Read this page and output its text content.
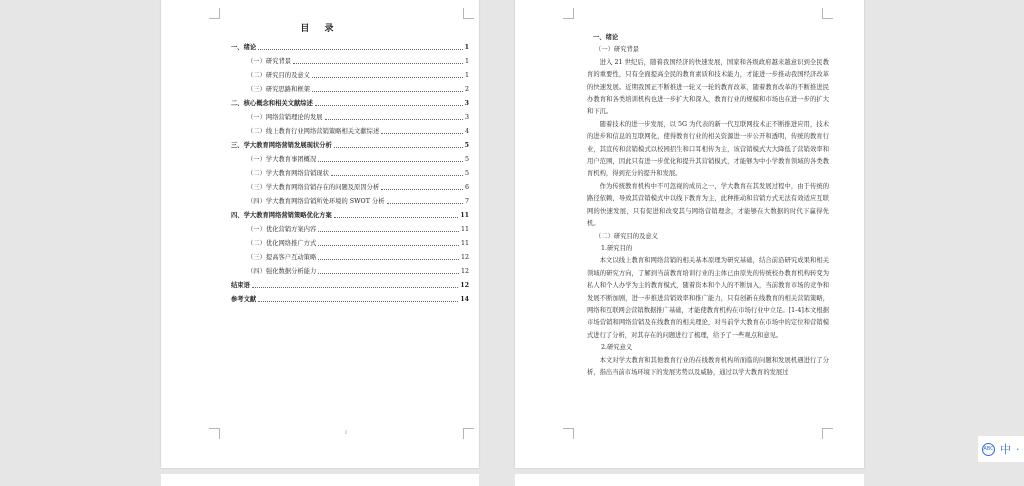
目 录
一、绪论	1
（一）研究背景	1
（二）研究目的及意义	1
（三）研究思路和框架	2
二、核心概念和相关文献综述	3
（一）网络营销理论的发展	3
（二）线上教育行业网络营销策略相关文献综述	4
三、学大教育网络营销发展现状分析	5
（一）学大教育事团概况	5
（二）学大教育网络营销现状	5
（三）学大教育网络营销存在的问题及原因分析	6
（四）学大教育网络营销所处环境的 SWOT 分析	7
四、学大教育网络营销策略优化方案	11
（一）优化营销方案内容	11
（二）优化网络推广方式	11
（三）提高客户互动策略	12
（四）强化数据分析能力	12
结束语	12
参考文献	14
I

一、绪论

（一）研究背景

进入 21 世纪后，随着我国经济的快速发展，国家和各级政府越来越意识到全民教育的重要性，只有全面提高全民的教育素质和技术能力，才能进一步推动我国经济改革的快速发展。近期我国正不断推进一轮又一轮的教育改革，随着教育改革的不断推进民办教育和各类培训机构也进一步扩大和深入，教育行业的规模和市场也在进一步的扩大和下沉。

随着技术的进一步发展，以 5G 为代表的新一代互联网技术正不断推进应用，技术的进步和信息的互联网化，使得教育行业的相关资源进一步公开和透明，传统的教育行业，其宣传和营销模式以校园招生和口耳相传为主，该营销模式大大降低了营销效率和用户范围，因此只有进一步优化和提升其营销模式，才能够为中小学教育领域的各类教育机构，得到充分的提升和发展。

作为传统教育机构中不可忽视的成员之一，学大教育在其发展过程中，由于传统的路径依赖，导致其营销模式中以线下教育为主，此种推动和营销方式无法有效适应互联网的快速发展，只有促进和改变其与网络营销理念，才能够在大数据的时代下赢得先机。

（二）研究目的及意义

1.研究目的

本文以线上教育和网络营销的相关基本原理为研究基础，结合前沿研究成果和相关领域的研究方向，了解到当前教育培训行业的主体已由原先的传统校办教育机构转变为私人和个人办学为主的教育模式，随着资本和个人的不断加入，当前教育市场的竞争和发展不断加剧，进一步推进营销效率和推广能力，只有创新在线教育的相关营销策略，网络和互联网会营销数据推广基础，才能使教育机构在市场行业中立足。[1-4]本文根据市场营销和网络营销及在线教育的相关理论，对当前学大教育在市场中的定位和营销模式进行了分析，对其存在的问题进行了梳理，给予了一些观点和意见。

2.研究意义

本文对学大教育和其他教育行业的在线教育机构所面临的问题和发展机遇进行了分析，指出当前市场环境下的发展劣势以及威胁，通过以学大教育的发展过

ABC 中 ·
